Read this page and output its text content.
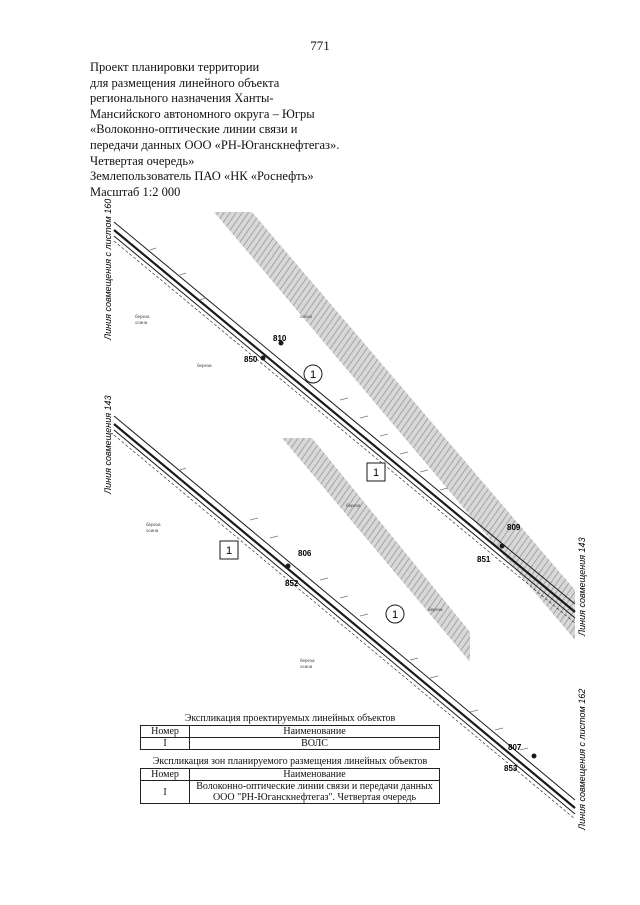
771
Проект планировки территории
для размещения линейного объекта
регионального назначения Ханты-
Мансийского автономного округа – Югры
«Волоконно-оптические линии связи и
передачи данных ООО «РН-Юганскнефтегаз».
Четвертая очередь»
Землепользователь ПАО «НК «Роснефть»
Масштаб 1:2 000
810
850
809
851
806
852
807
853
1
1
1
1
береза
осина
сосна
береза
береза
береза
осина
береза
береза
осина
Линия совмещения с листом 160
Линия совмещения 143
Линия совмещения 143
Линия совмещения с листом 162
Экспликация проектируемых линейных объектов
Номер	Наименование
I	ВОЛС
Экспликация зон планируемого размещения линейных объектов
Номер	Наименование
I	Волоконно-оптические линии связи и передачи данных ООО "РН-Юганскнефтегаз". Четвертая очередь
